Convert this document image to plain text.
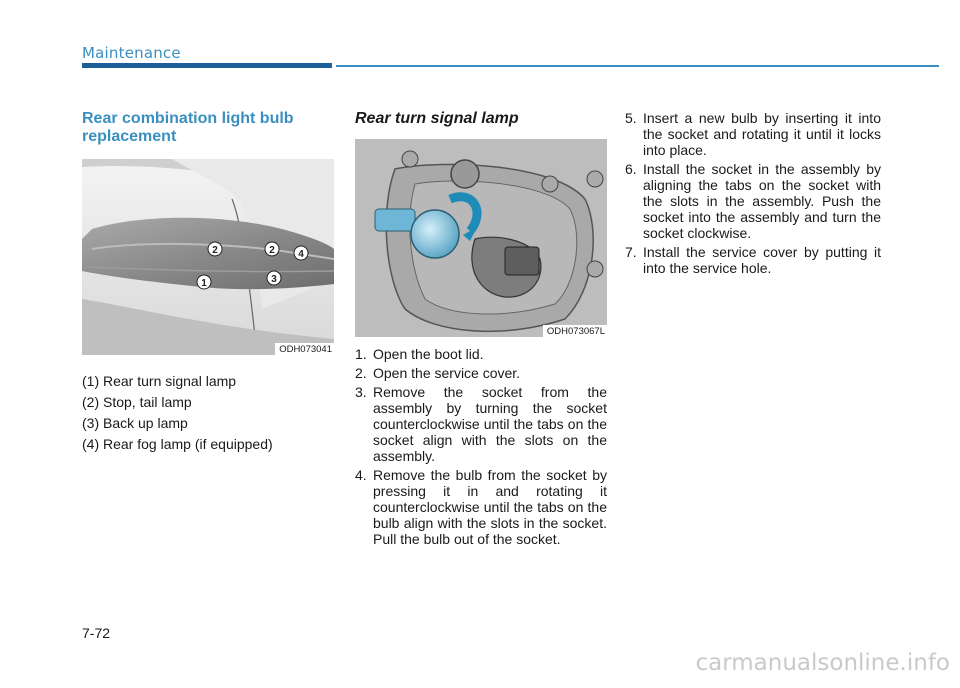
Maintenance
Rear combination light bulb replacement
1
2	2
3
4
ODH073041
(1) Rear turn signal lamp
(2) Stop, tail lamp
(3) Back up lamp
(4) Rear fog lamp (if equipped)
Rear turn signal lamp
ODH073067L
1. Open the boot lid.
2. Open the service cover.
3. Remove the socket from the assembly by turning the socket counterclockwise until the tabs on the socket align with the slots on the assembly.
4. Remove the bulb from the socket by pressing it in and rotating it counterclockwise until the tabs on the bulb align with the slots in the socket. Pull the bulb out of the socket.
5. Insert a new bulb by inserting it into the socket and rotating it until it locks into place.
6. Install the socket in the assembly by aligning the tabs on the socket with the slots in the assembly. Push the socket into the assembly and turn the socket clockwise.
7. Install the service cover by putting it into the service hole.
7-72
carmanualsonline.info
